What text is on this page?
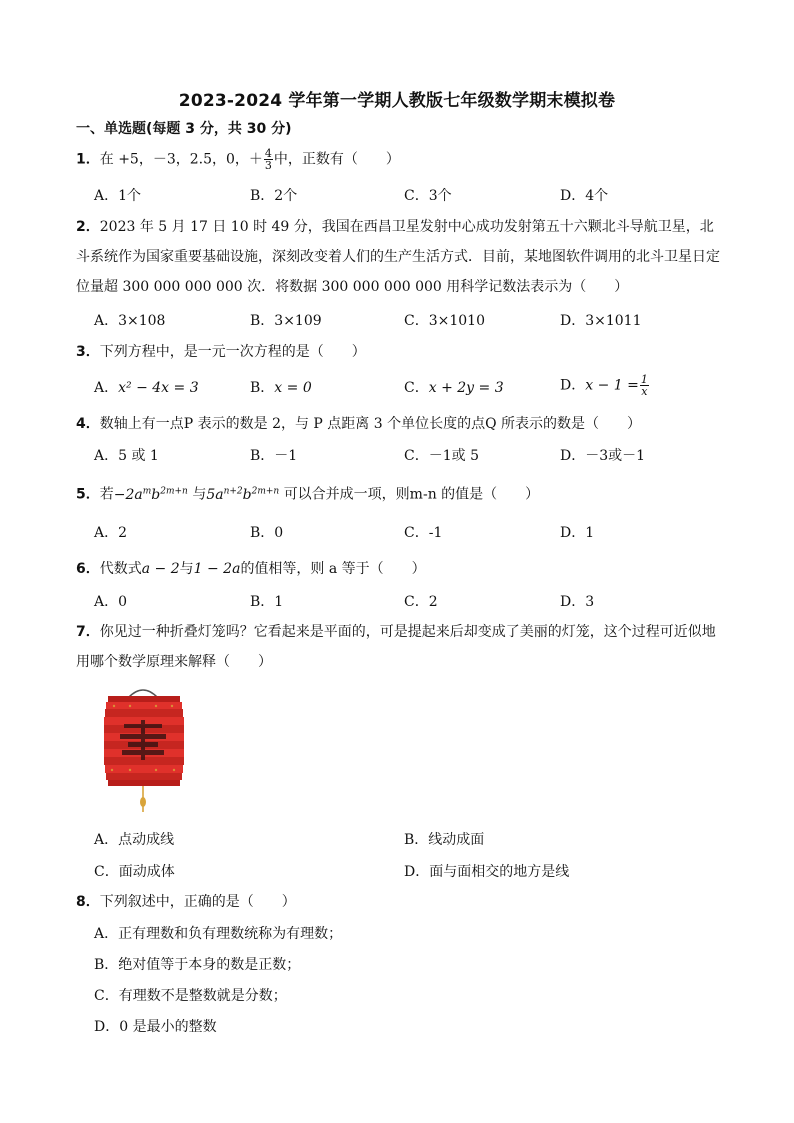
2023-2024 学年第一学期人教版七年级数学期末模拟卷
一、单选题(每题 3 分，共 30 分)
1．在 +5，－3，2.5，0，＋ $\frac{4}{3}$ 中，正数有（　　）
A．1个	B．2个	C．3个	D．4个
2．2023 年 5 月 17 日 10 时 49 分，我国在西昌卫星发射中心成功发射第五十六颗北斗导航卫星，北斗系统作为国家重要基础设施，深刻改变着人们的生产生活方式．目前，某地图软件调用的北斗卫星日定位量超 300 000 000 000 次．将数据 300 000 000 000 用科学记数法表示为（　　）
A．3×108	B．3×109	C．3×1010	D．3×1011
3．下列方程中，是一元一次方程的是（　　）
A．x² − 4x = 3	B．x = 0	C．x + 2y = 3	D．$x - 1 = \frac{1}{x}$
4．数轴上有一点P 表示的数是 2，与 P 点距离 3 个单位长度的点Q 所表示的数是（　　）
A．5 或 1	B．－1	C．－1或 5	D．－3或－1
5．若$-2a^mb^{2m+n}$ 与$5a^{n+2}b^{2m+n}$ 可以合并成一项，则m-n 的值是（　　）
A．2	B．0	C．-1	D．1
6．代数式a − 2与1 − 2a的值相等，则 a 等于（　　）
A．0	B．1	C．2	D．3
7．你见过一种折叠灯笼吗？它看起来是平面的，可是提起来后却变成了美丽的灯笼，这个过程可近似地用哪个数学原理来解释（　　）
A．点动成线	B．线动成面
C．面动成体	D．面与面相交的地方是线
8．下列叙述中，正确的是（　　）
A．正有理数和负有理数统称为有理数；
B．绝对值等于本身的数是正数；
C．有理数不是整数就是分数；
D．0 是最小的整数
